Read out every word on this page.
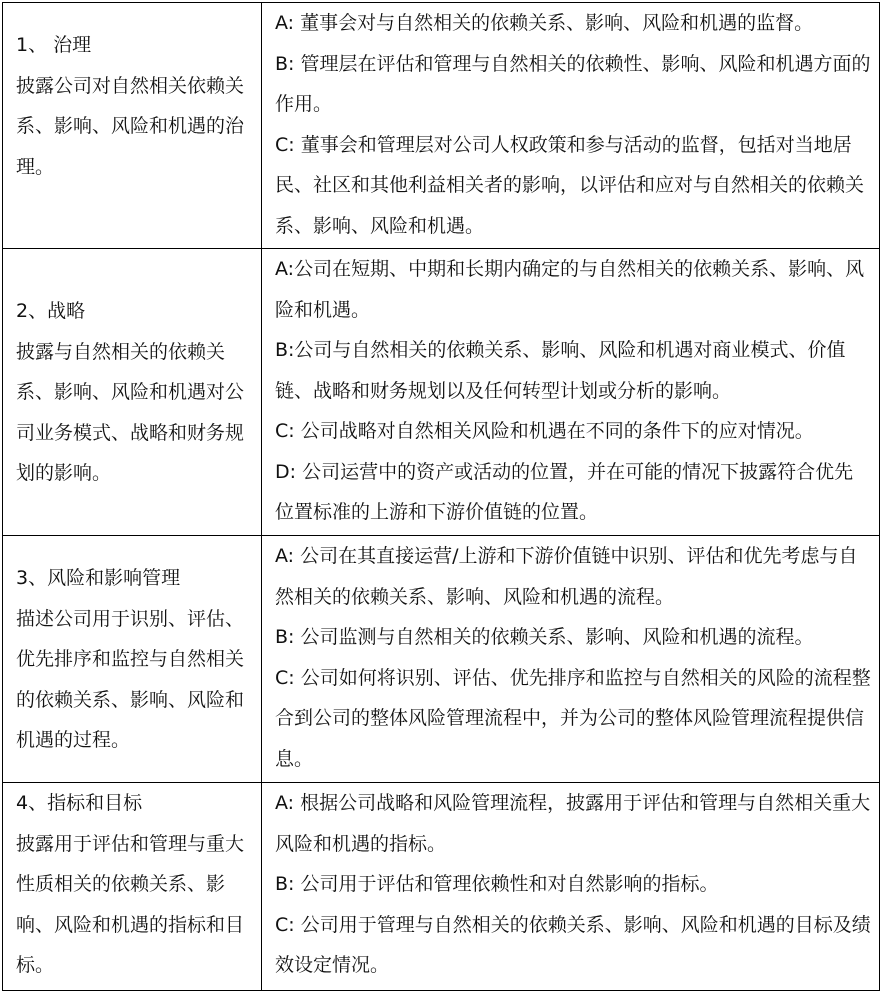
1、 治理
披露公司对自然相关依赖关系、影响、风险和机遇的治理。	A: 董事会对与自然相关的依赖关系、影响、风险和机遇的监督。
B: 管理层在评估和管理与自然相关的依赖性、影响、风险和机遇方面的作用。
C: 董事会和管理层对公司人权政策和参与活动的监督，包括对当地居民、社区和其他利益相关者的影响，以评估和应对与自然相关的依赖关系、影响、风险和机遇。

2、战略
披露与自然相关的依赖关系、影响、风险和机遇对公司业务模式、战略和财务规划的影响。	A:公司在短期、中期和长期内确定的与自然相关的依赖关系、影响、风险和机遇。
B:公司与自然相关的依赖关系、影响、风险和机遇对商业模式、价值链、战略和财务规划以及任何转型计划或分析的影响。
C: 公司战略对自然相关风险和机遇在不同的条件下的应对情况。
D: 公司运营中的资产或活动的位置，并在可能的情况下披露符合优先位置标准的上游和下游价值链的位置。

3、风险和影响管理
描述公司用于识别、评估、优先排序和监控与自然相关的依赖关系、影响、风险和机遇的过程。	A: 公司在其直接运营/上游和下游价值链中识别、评估和优先考虑与自然相关的依赖关系、影响、风险和机遇的流程。
B: 公司监测与自然相关的依赖关系、影响、风险和机遇的流程。
C: 公司如何将识别、评估、优先排序和监控与自然相关的风险的流程整合到公司的整体风险管理流程中，并为公司的整体风险管理流程提供信息。

4、指标和目标
披露用于评估和管理与重大性质相关的依赖关系、影响、风险和机遇的指标和目标。	A: 根据公司战略和风险管理流程，披露用于评估和管理与自然相关重大风险和机遇的指标。
B: 公司用于评估和管理依赖性和对自然影响的指标。
C: 公司用于管理与自然相关的依赖关系、影响、风险和机遇的目标及绩效设定情况。
